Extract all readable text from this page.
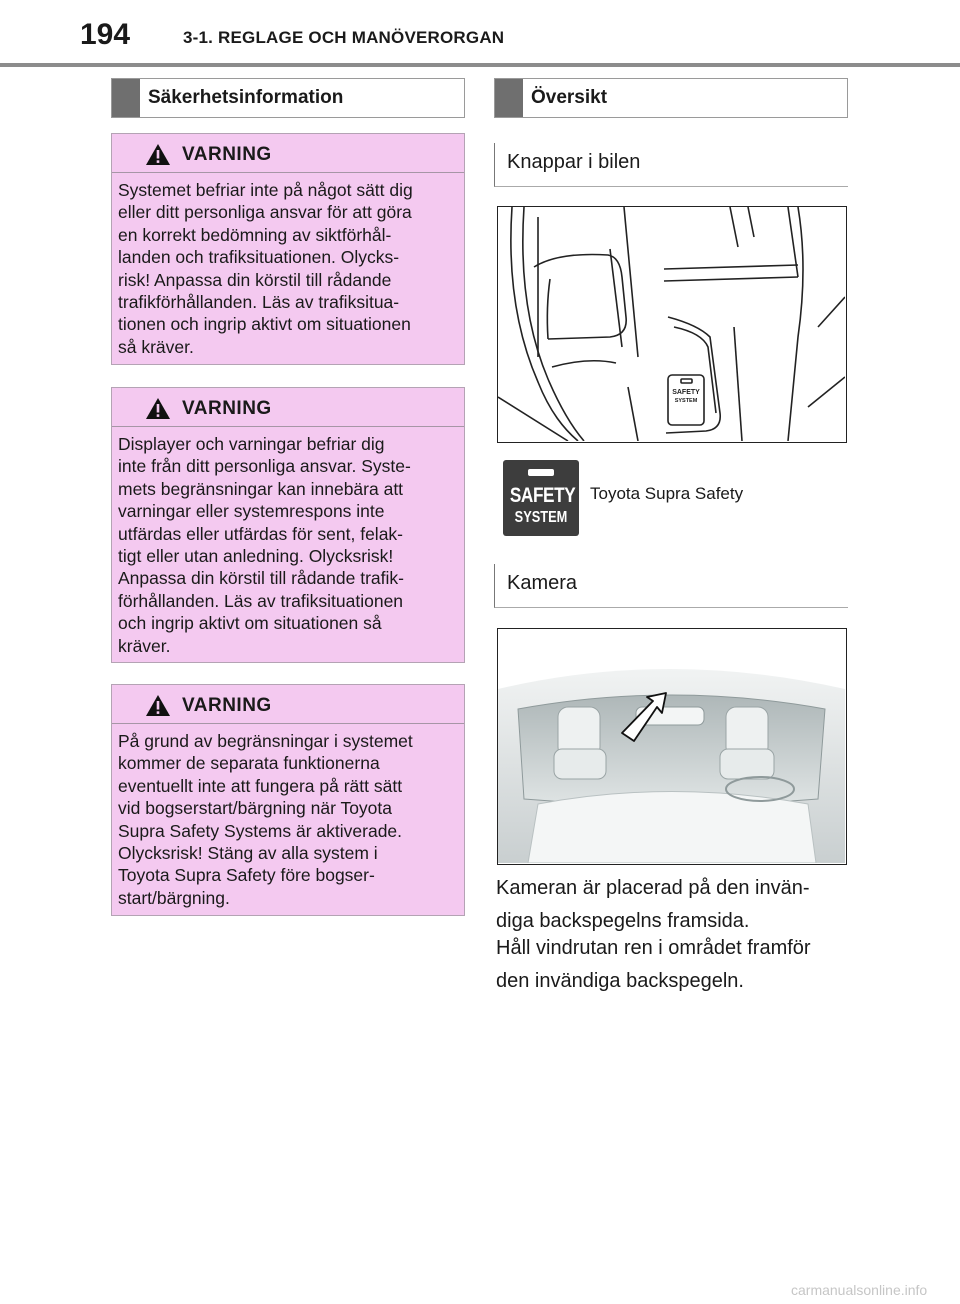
194	3-1. REGLAGE OCH MANÖVERORGAN
Säkerhetsinformation
VARNING
Systemet befriar inte på något sätt dig
eller ditt personliga ansvar för att göra
en korrekt bedömning av siktförhål-
landen och trafiksituationen. Olycks-
risk! Anpassa din körstil till rådande
trafikförhållanden. Läs av trafiksitua-
tionen och ingrip aktivt om situationen
så kräver.
VARNING
Displayer och varningar befriar dig
inte från ditt personliga ansvar. Syste-
mets begränsningar kan innebära att
varningar eller systemrespons inte
utfärdas eller utfärdas för sent, felak-
tigt eller utan anledning. Olycksrisk!
Anpassa din körstil till rådande trafik-
förhållanden. Läs av trafiksituationen
och ingrip aktivt om situationen så
kräver.
VARNING
På grund av begränsningar i systemet
kommer de separata funktionerna
eventuellt inte att fungera på rätt sätt
vid bogserstart/bärgning när Toyota
Supra Safety Systems är aktiverade.
Olycksrisk! Stäng av alla system i
Toyota Supra Safety före bogser-
start/bärgning.
Översikt
Knappar i bilen
SAFETY
SYSTEM
SAFETY
SYSTEM
Toyota Supra Safety
Kamera
Kameran är placerad på den invän-
diga backspegelns framsida.
Håll vindrutan ren i området framför
den invändiga backspegeln.
carmanualsonline.info
